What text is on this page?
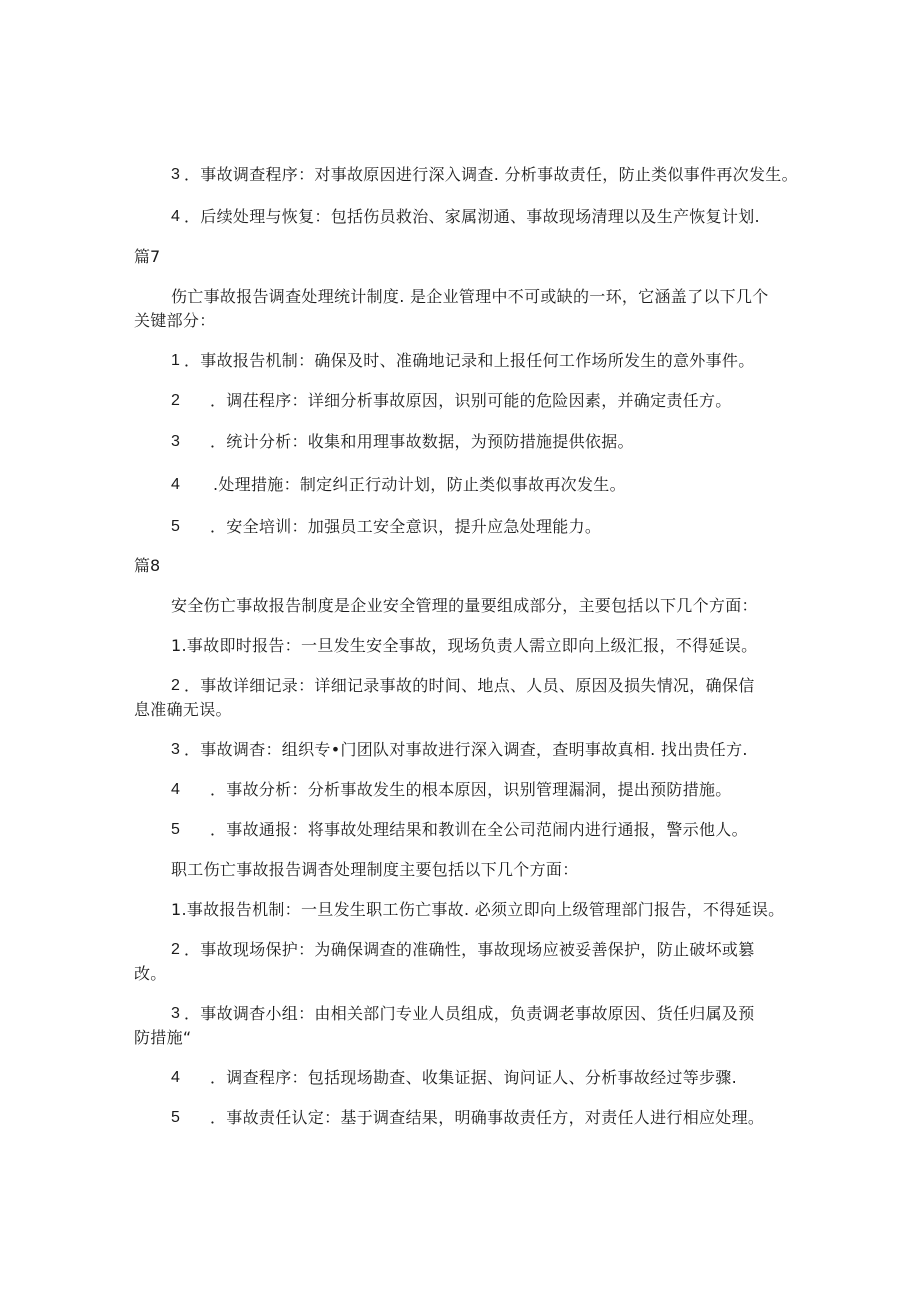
3 ．事故调查程序：对事故原因进行深入调查. 分析事故责任，防止类似事件再次发生。
4 ．后续处理与恢复：包括伤员救治、家属沏通、事故现场清理以及生产恢复计划.
篇7
伤亡事故报告调查处理统计制度. 是企业管理中不可或缺的一环，它涵盖了以下几个
关键部分：
1 ．事故报告机制：确保及时、准确地记录和上报任何工作场所发生的意外事件。
2 ．调茌程序：详细分析事故原因，识别可能的危险因素，并确定责任方。
3 ．统计分析：收集和用理事故数据，为预防措施提供依据。
4 .处理措施：制定纠正行动计划，防止类似事故再次发生。
5 ．安全培训：加强员工安全意识，提升应急处理能力。
篇8
安全伤亡事故报告制度是企业安全管理的量要组成部分，主要包括以下几个方面：
1.事故即时报告：一旦发生安全事故，现场负责人需立即向上级汇报，不得延误。
2 ．事故详细记录：详细记录事故的时间、地点、人员、原因及损失情况，确保信
息准确无误。
3 ．事故调杳：组织专•门团队对事故进行深入调查，查明事故真相. 找出贵任方.
4 ．事故分析：分析事故发生的根本原因，识别管理漏洞，提出预防措施。
5 ．事故通报：将事故处理结果和教训在全公司范闹内进行通报，警示他人。
职工伤亡事故报告调杳处理制度主要包括以下几个方面：
1.事故报告机制：一旦发生职工伤亡事故. 必须立即向上级管理部门报告，不得延误。
2 ．事故现场保护：为确保调查的准确性，事故现场应被妥善保护，防止破坏或篡
改。
3 ．事故调杳小组：由相关部门专业人员组成，负责调老事故原因、货任归属及预
防措施“
4 ．调查程序：包括现场勘查、收集证据、询问证人、分析事故经过等步骤.
5 ．事故责任认定：基于调查结果，明确事故责任方，对责任人进行相应处理。
